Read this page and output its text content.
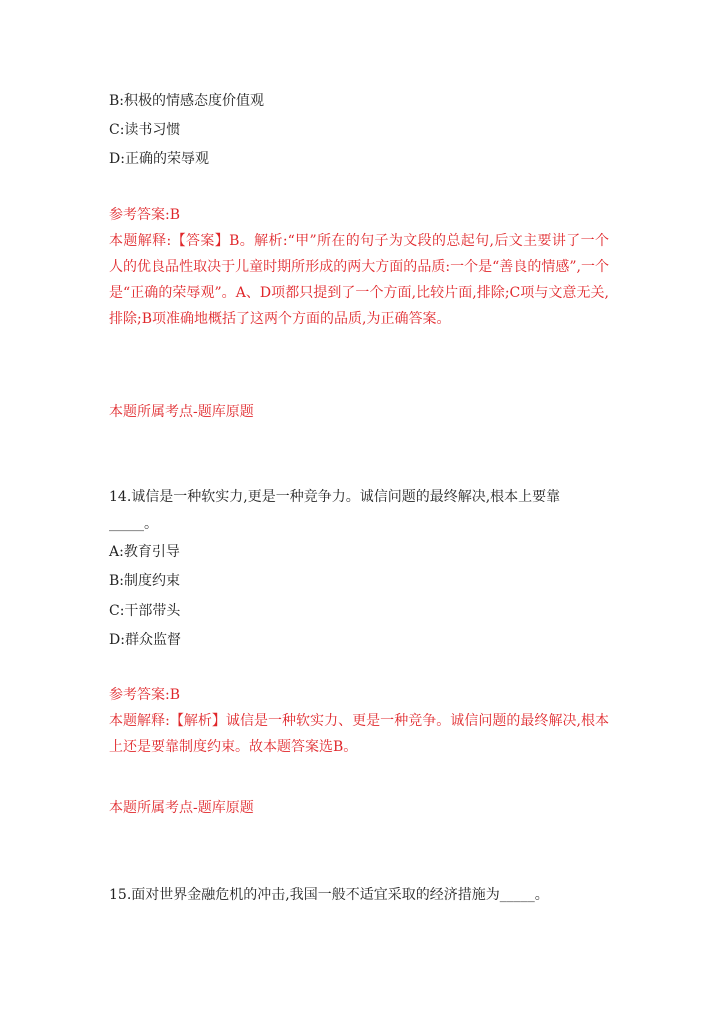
B:积极的情感态度价值观
C:读书习惯
D:正确的荣辱观
参考答案:B
本题解释:【答案】B。解析:“甲”所在的句子为文段的总起句,后文主要讲了一个人的优良品性取决于儿童时期所形成的两大方面的品质:一个是“善良的情感”,一个是“正确的荣辱观”。A、D项都只提到了一个方面,比较片面,排除;C项与文意无关,排除;B项准确地概括了这两个方面的品质,为正确答案。
本题所属考点-题库原题
14.诚信是一种软实力,更是一种竞争力。诚信问题的最终解决,根本上要靠
_____。
A:教育引导
B:制度约束
C:干部带头
D:群众监督
参考答案:B
本题解释:【解析】诚信是一种软实力、更是一种竞争。诚信问题的最终解决,根本上还是要靠制度约束。故本题答案选B。
本题所属考点-题库原题
15.面对世界金融危机的冲击,我国一般不适宜采取的经济措施为_____。
